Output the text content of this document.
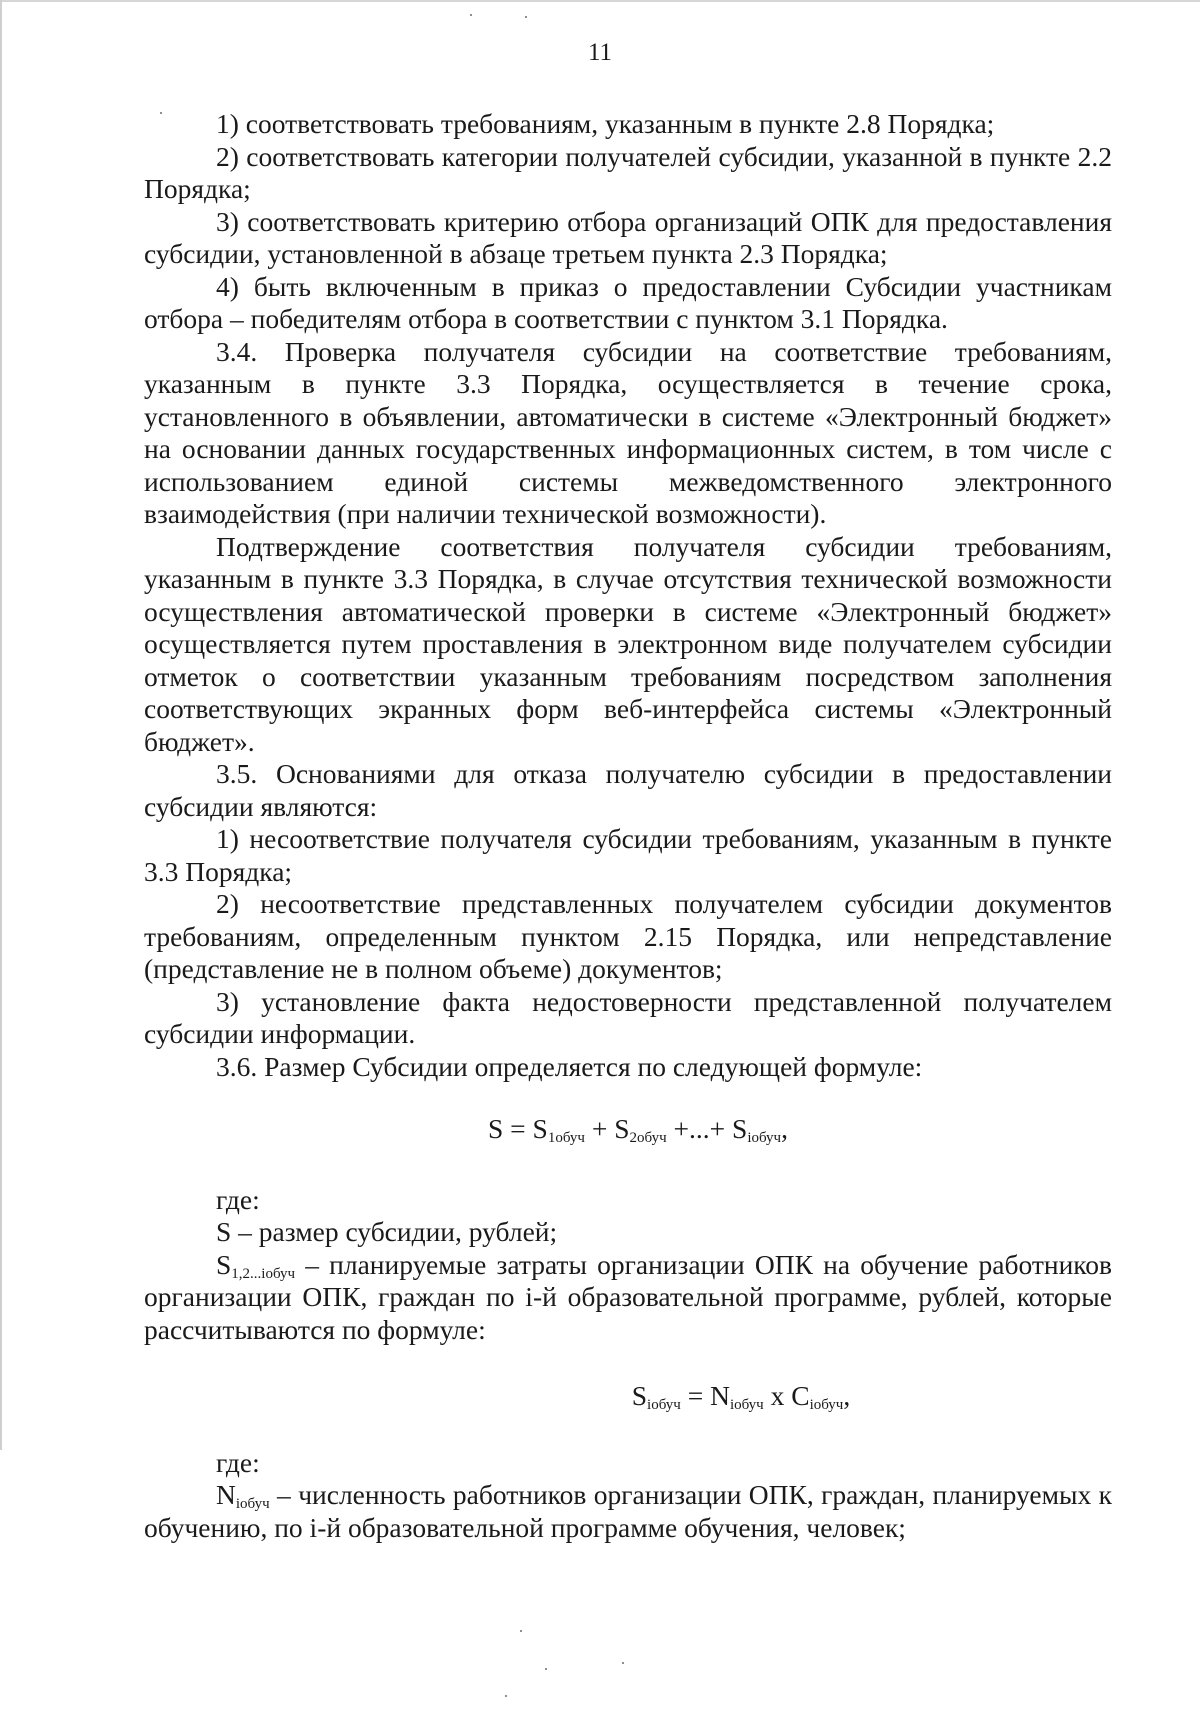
11

1) соответствовать требованиям, указанным в пункте 2.8 Порядка;

2) соответствовать категории получателей субсидии, указанной в пункте 2.2 Порядка;

3) соответствовать критерию отбора организаций ОПК для предоставления субсидии, установленной в абзаце третьем пункта 2.3 Порядка;

4) быть включенным в приказ о предоставлении Субсидии участникам отбора – победителям отбора в соответствии с пунктом 3.1 Порядка.

3.4. Проверка получателя субсидии на соответствие требованиям, указанным в пункте 3.3 Порядка, осуществляется в течение срока, установленного в объявлении, автоматически в системе «Электронный бюджет» на основании данных государственных информационных систем, в том числе с использованием единой системы межведомственного электронного взаимодействия (при наличии технической возможности).

Подтверждение соответствия получателя субсидии требованиям, указанным в пункте 3.3 Порядка, в случае отсутствия технической возможности осуществления автоматической проверки в системе «Электронный бюджет» осуществляется путем проставления в электронном виде получателем субсидии отметок о соответствии указанным требованиям посредством заполнения соответствующих экранных форм веб-интерфейса системы «Электронный бюджет».

3.5. Основаниями для отказа получателю субсидии в предоставлении субсидии являются:

1) несоответствие получателя субсидии требованиям, указанным в пункте 3.3 Порядка;

2) несоответствие представленных получателем субсидии документов требованиям, определенным пунктом 2.15 Порядка, или непредставление (представление не в полном объеме) документов;

3) установление факта недостоверности представленной получателем субсидии информации.

3.6. Размер Субсидии определяется по следующей формуле:

$S = S_{1обуч} + S_{2обуч}$ +...+ $S_{iобуч}$,

где:

S – размер субсидии, рублей;

$S_{1,2...iобуч}$ – планируемые затраты организации ОПК на обучение работников организации ОПК, граждан по i-й образовательной программе, рублей, которые рассчитываются по формуле:

$S_{iобуч} = N_{iобуч}$ x $C_{iобуч}$,

где:

$N_{iобуч}$ – численность работников организации ОПК, граждан, планируемых к обучению, по i-й образовательной программе обучения, человек;
